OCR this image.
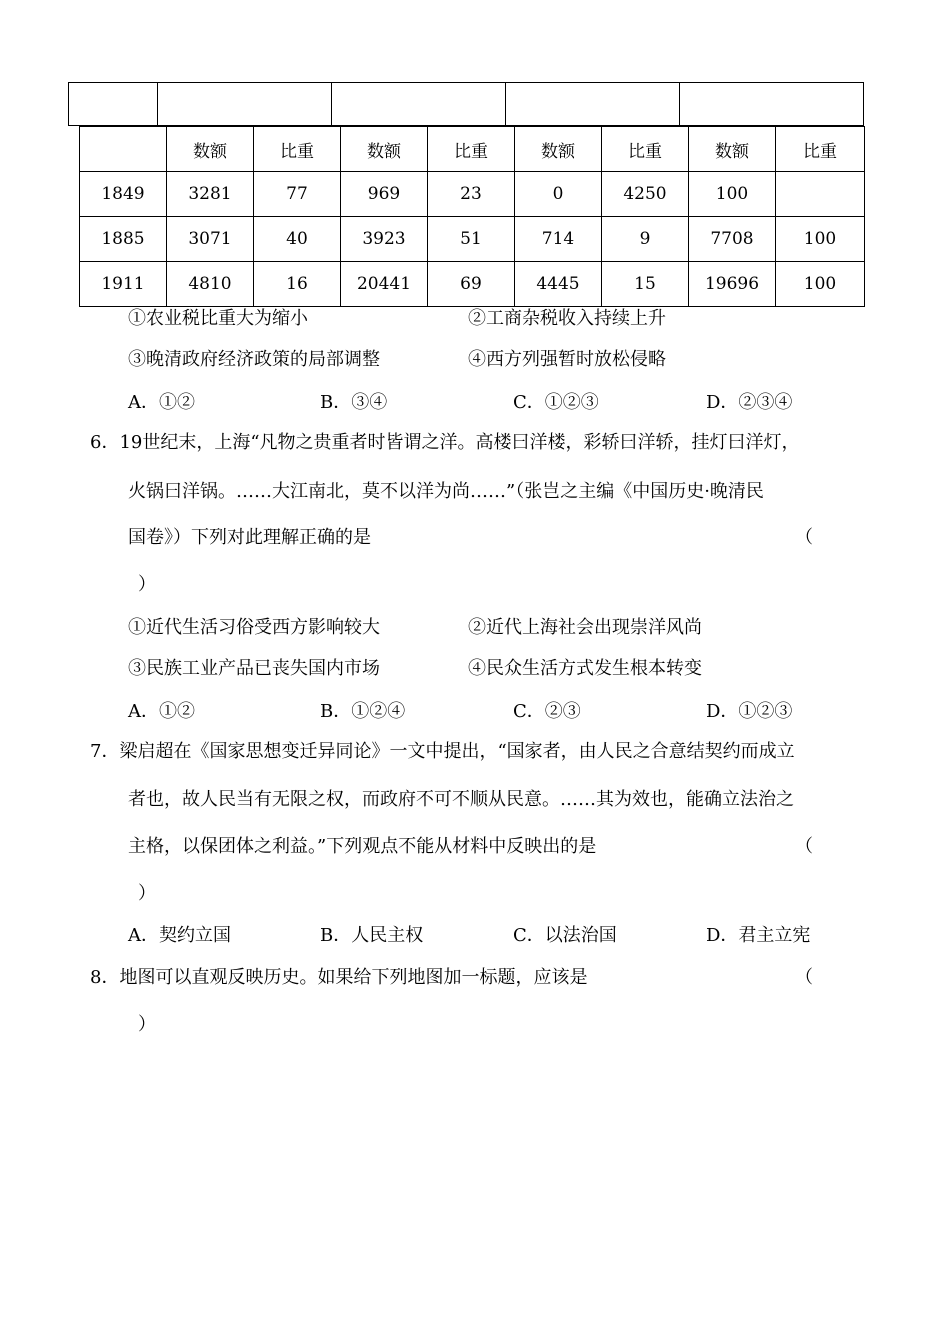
	数额	比重	数额	比重	数额	比重	数额	比重
1849	3281	77	969	23	0	4250	100	
1885	3071	40	3923	51	714	9	7708	100
1911	4810	16	20441	69	4445	15	19696	100
①农业税比重大为缩小	②工商杂税收入持续上升
③晚清政府经济政策的局部调整	④西方列强暂时放松侵略
A．①②	B．③④	C．①②③	D．②③④
6．19世纪末，上海“凡物之贵重者时皆谓之洋。高楼曰洋楼，彩轿曰洋轿，挂灯曰洋灯，
火锅曰洋锅。……大江南北，莫不以洋为尚……”（张岂之主编《中国历史·晚清民
国卷》）下列对此理解正确的是	（
）
①近代生活习俗受西方影响较大	②近代上海社会出现崇洋风尚
③民族工业产品已丧失国内市场	④民众生活方式发生根本转变
A．①②	B．①②④	C．②③	D．①②③
7．梁启超在《国家思想变迁异同论》一文中提出，“国家者，由人民之合意结契约而成立
者也，故人民当有无限之权，而政府不可不顺从民意。……其为效也，能确立法治之
主格，以保团体之利益。”下列观点不能从材料中反映出的是	（
）
A．契约立国	B．人民主权	C．以法治国	D．君主立宪
8．地图可以直观反映历史。如果给下列地图加一标题，应该是	（
）
